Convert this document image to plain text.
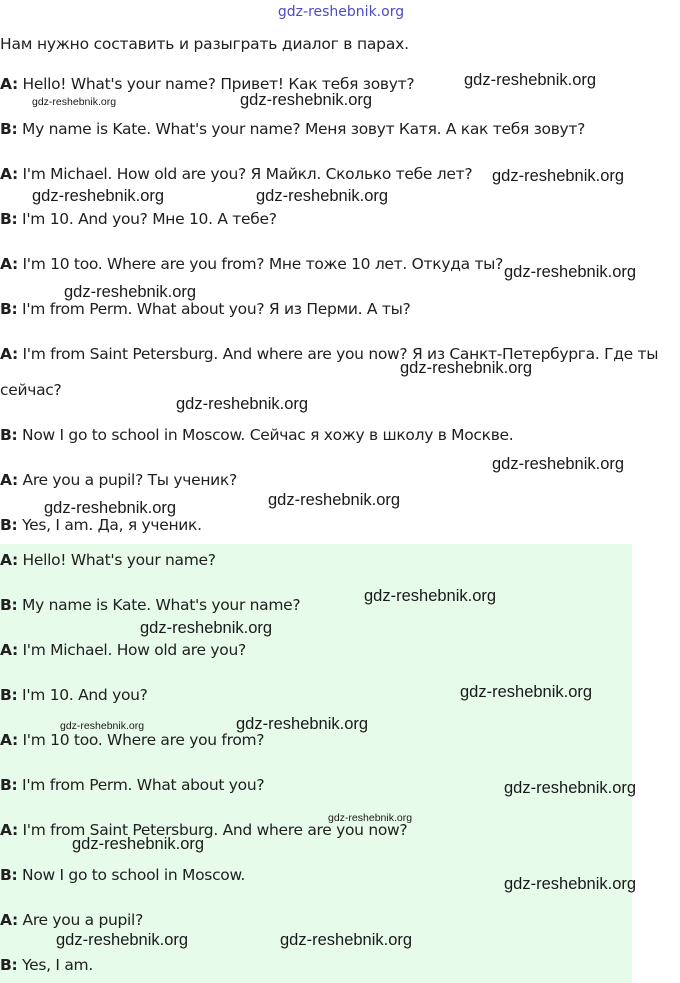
gdz-reshebnik.org
Нам нужно составить и разыграть диалог в парах.
A: Hello! What's your name? Привет! Как тебя зовут?
B: My name is Kate. What's your name? Меня зовут Катя. А как тебя зовут?
A: I'm Michael. How old are you? Я Майкл. Сколько тебе лет?
B: I'm 10. And you? Мне 10. А тебе?
A: I'm 10 too. Where are you from? Мне тоже 10 лет. Откуда ты?
B: I'm from Perm. What about you? Я из Перми. А ты?
A: I'm from Saint Petersburg. And where are you now? Я из Санкт-Петербурга. Где ты сейчас?
B: Now I go to school in Moscow. Сейчас я хожу в школу в Москве.
A: Are you a pupil? Ты ученик?
B: Yes, I am. Да, я ученик.
A: Hello! What's your name?
B: My name is Kate. What's your name?
A: I'm Michael. How old are you?
B: I'm 10. And you?
A: I'm 10 too. Where are you from?
B: I'm from Perm. What about you?
A: I'm from Saint Petersburg. And where are you now?
B: Now I go to school in Moscow.
A: Are you a pupil?
B: Yes, I am.
gdz-reshebnik.org
gdz-reshebnik.org	gdz-reshebnik.org
gdz-reshebnik.org
gdz-reshebnik.org	gdz-reshebnik.org
gdz-reshebnik.org
gdz-reshebnik.org
gdz-reshebnik.org
gdz-reshebnik.org
gdz-reshebnik.org
gdz-reshebnik.org
gdz-reshebnik.org
gdz-reshebnik.org
gdz-reshebnik.org
gdz-reshebnik.org
gdz-reshebnik.org	gdz-reshebnik.org
gdz-reshebnik.org
gdz-reshebnik.org
gdz-reshebnik.org
gdz-reshebnik.org
gdz-reshebnik.org	gdz-reshebnik.org
